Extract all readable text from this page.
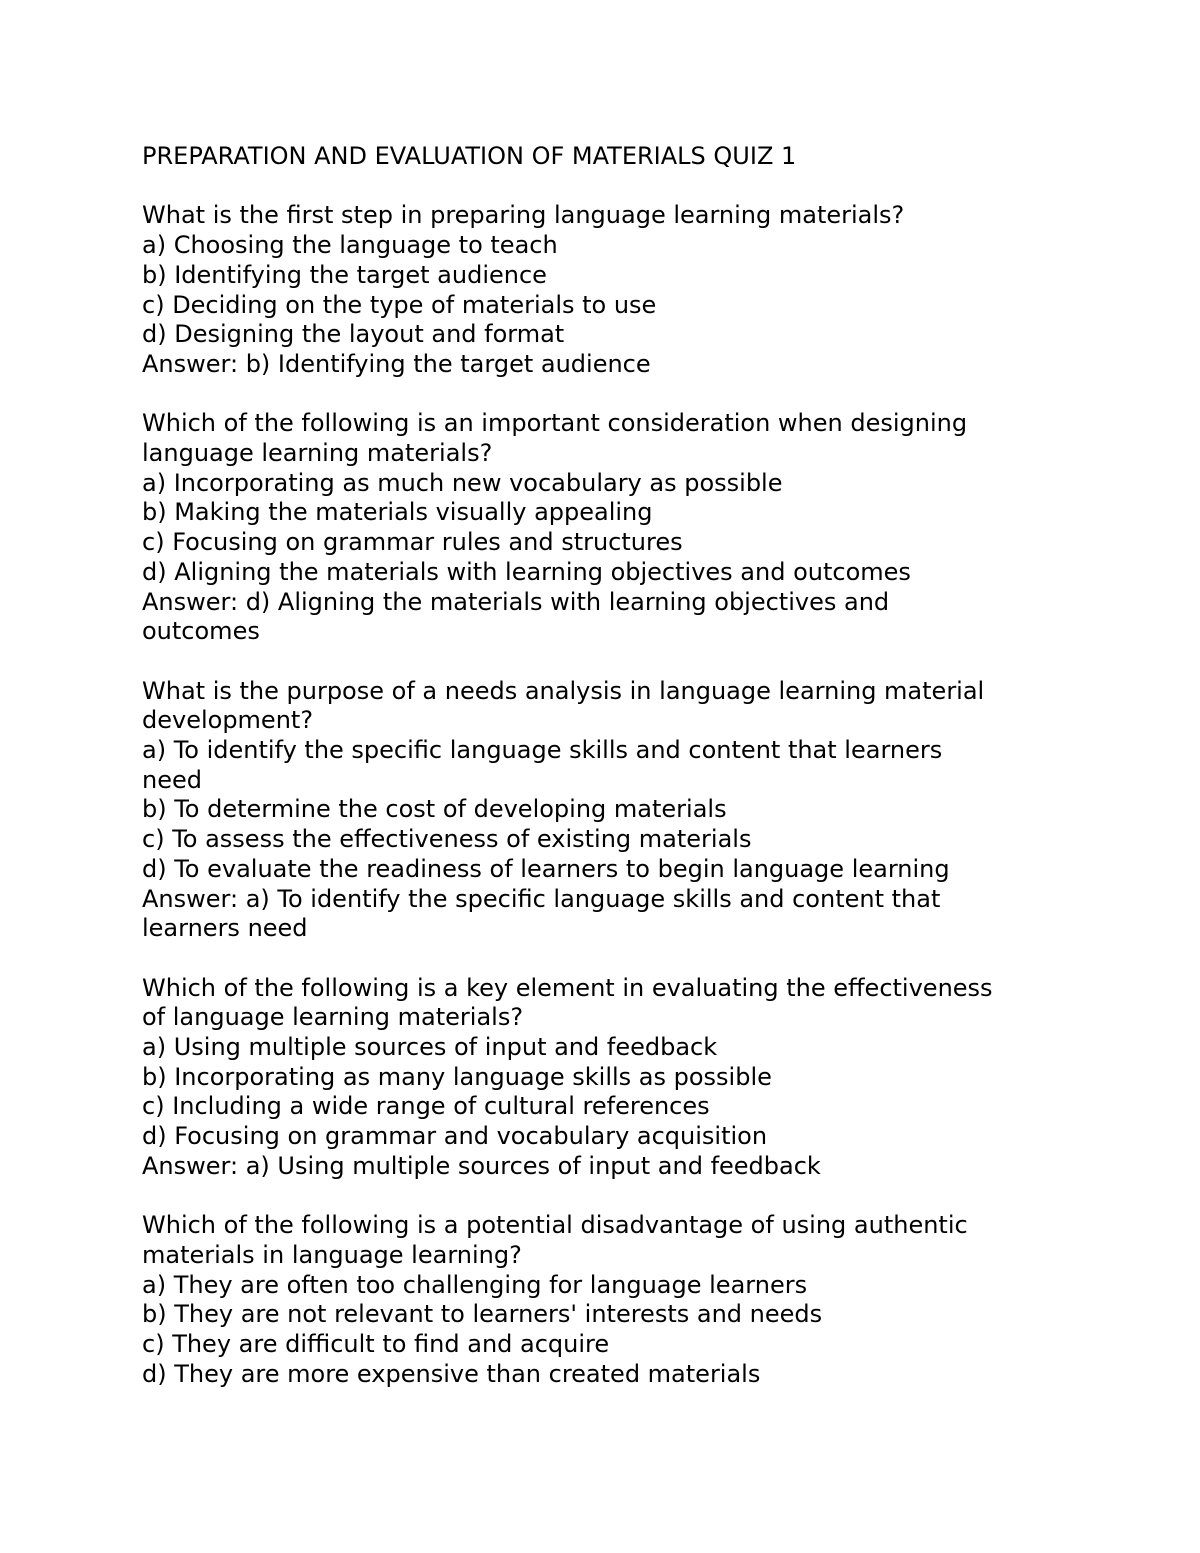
PREPARATION AND EVALUATION OF MATERIALS QUIZ 1
What is the first step in preparing language learning materials?
a) Choosing the language to teach
b) Identifying the target audience
c) Deciding on the type of materials to use
d) Designing the layout and format
Answer: b) Identifying the target audience
Which of the following is an important consideration when designing
language learning materials?
a) Incorporating as much new vocabulary as possible
b) Making the materials visually appealing
c) Focusing on grammar rules and structures
d) Aligning the materials with learning objectives and outcomes
Answer: d) Aligning the materials with learning objectives and
outcomes
What is the purpose of a needs analysis in language learning material
development?
a) To identify the specific language skills and content that learners
need
b) To determine the cost of developing materials
c) To assess the effectiveness of existing materials
d) To evaluate the readiness of learners to begin language learning
Answer: a) To identify the specific language skills and content that
learners need
Which of the following is a key element in evaluating the effectiveness
of language learning materials?
a) Using multiple sources of input and feedback
b) Incorporating as many language skills as possible
c) Including a wide range of cultural references
d) Focusing on grammar and vocabulary acquisition
Answer: a) Using multiple sources of input and feedback
Which of the following is a potential disadvantage of using authentic
materials in language learning?
a) They are often too challenging for language learners
b) They are not relevant to learners' interests and needs
c) They are difficult to find and acquire
d) They are more expensive than created materials
